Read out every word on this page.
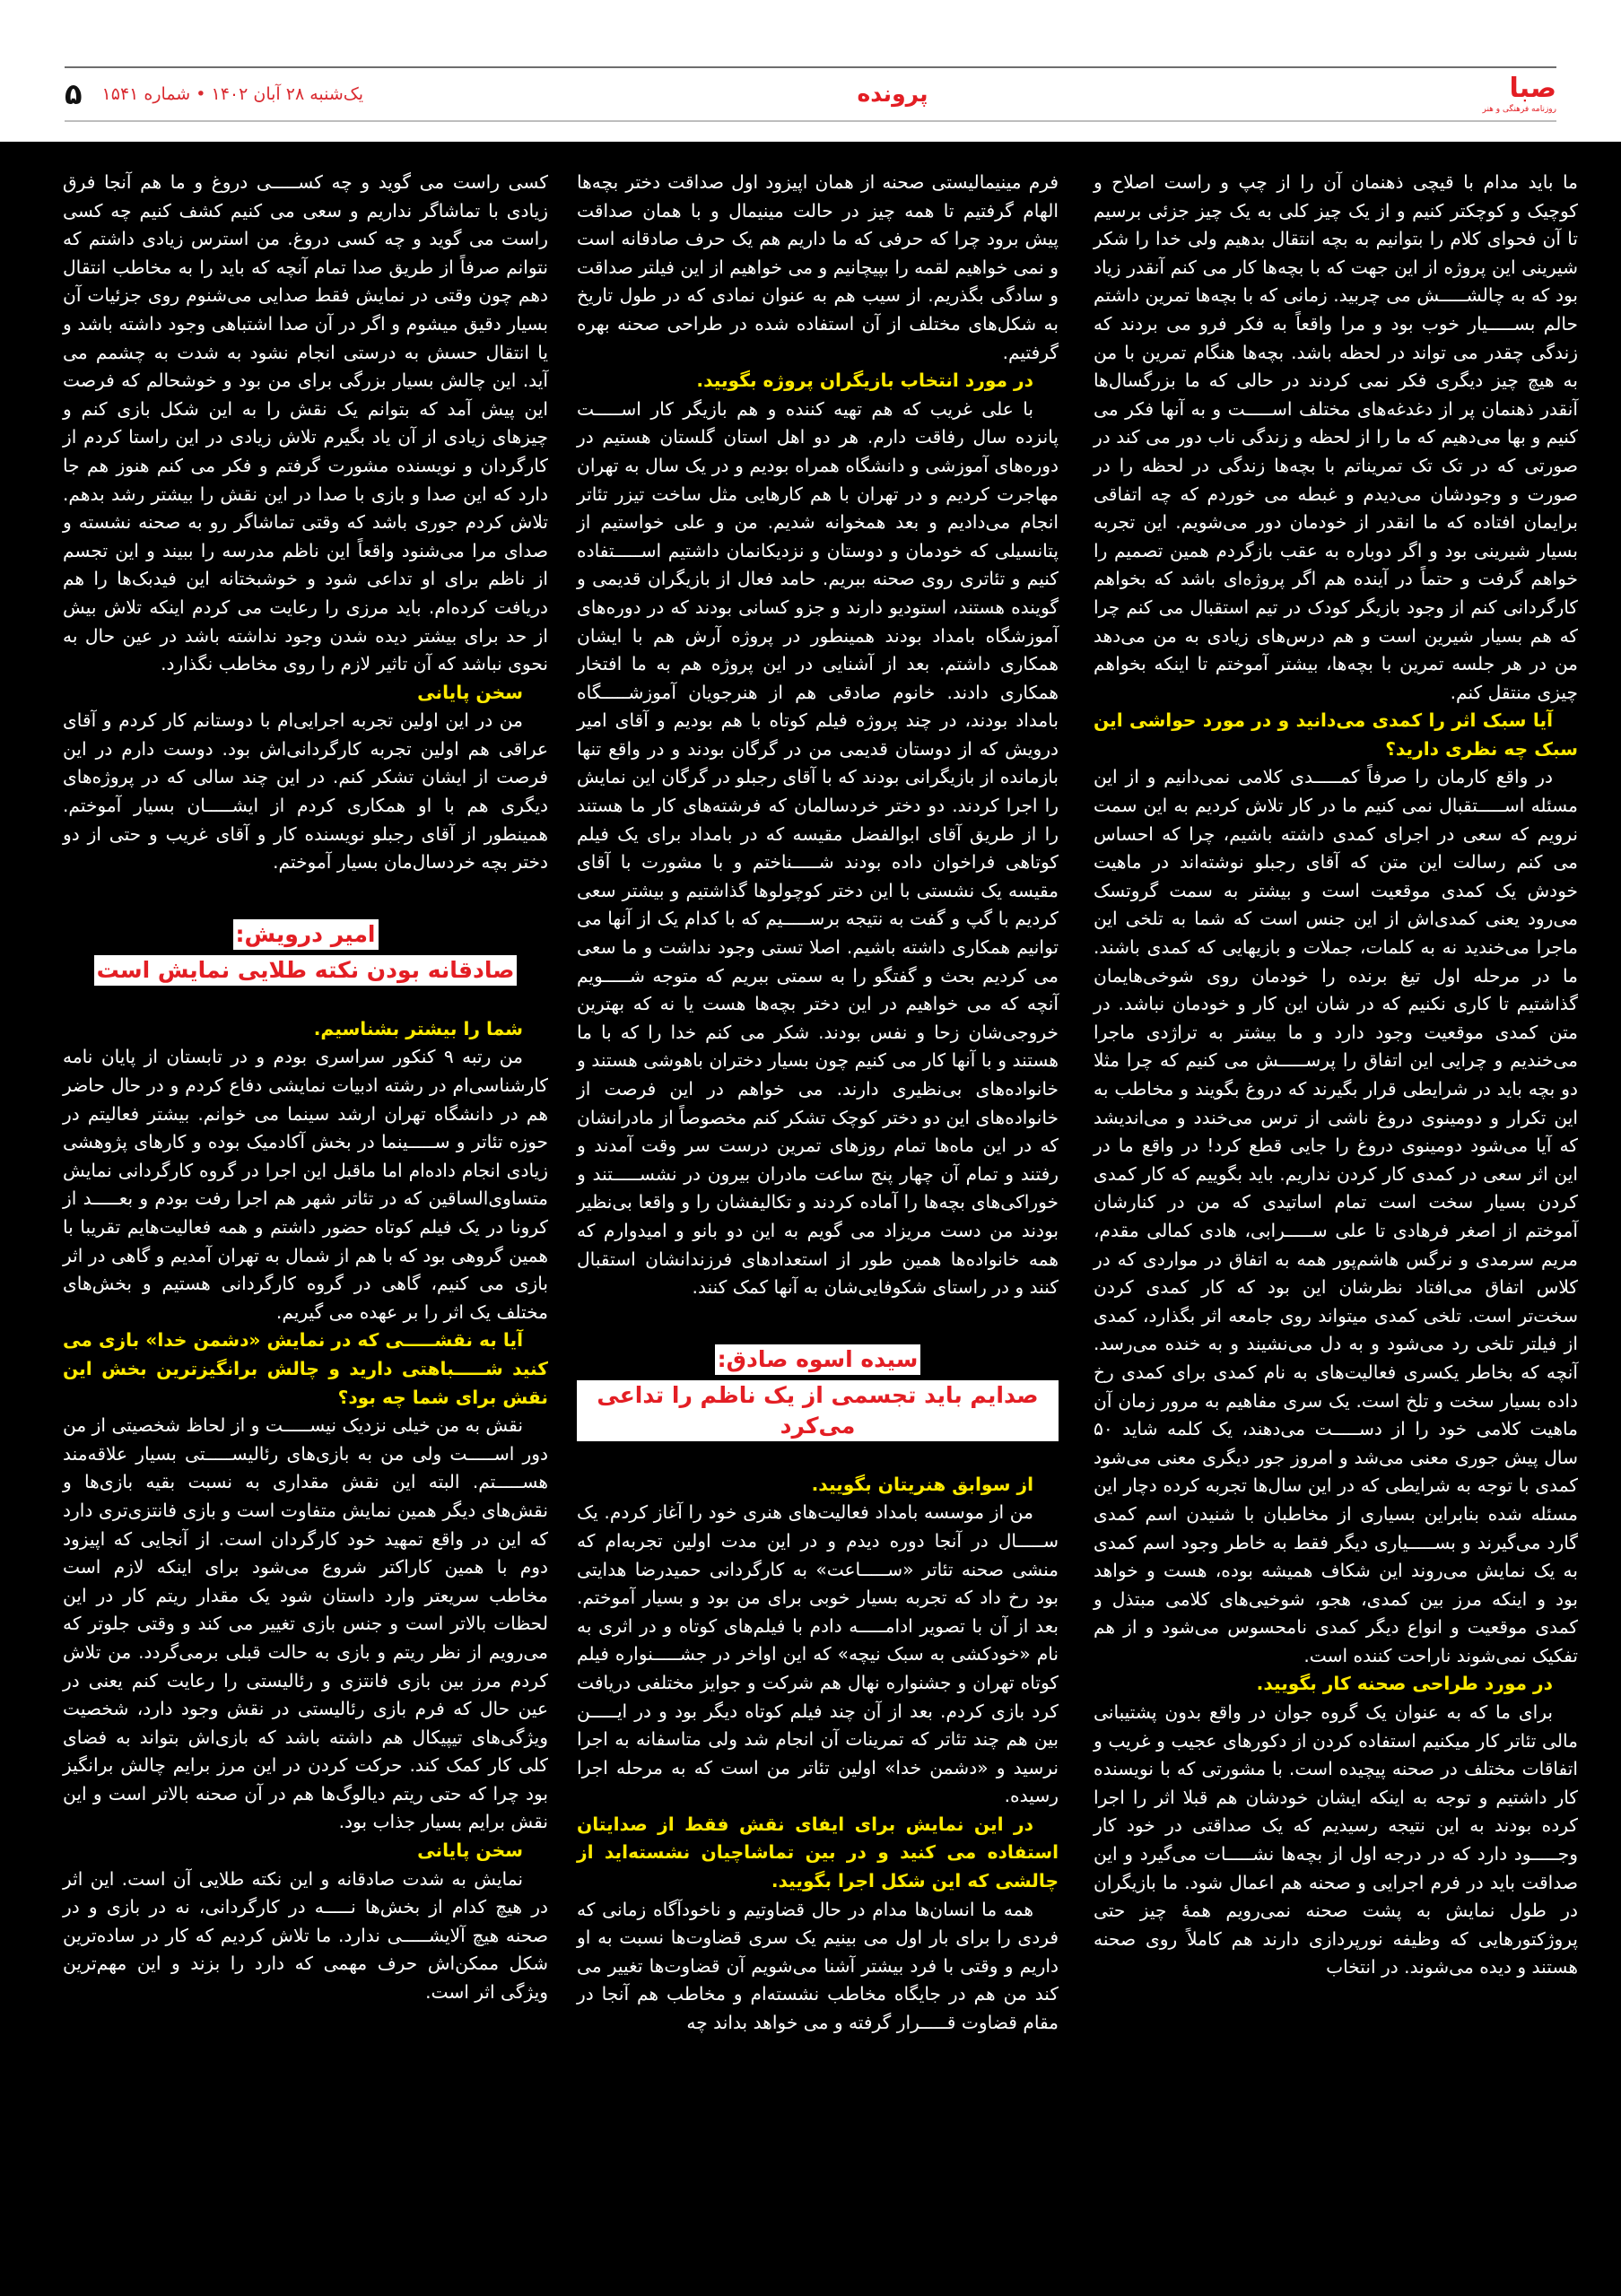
صبا
روزنامه فرهنگی و هنر
پرونده
یک‌شنبه ۲۸ آبان ۱۴۰۲ • شماره ۱۵۴۱
۵

ما باید مدام با قیچی ذهنمان آن را از چپ و راست اصلاح و کوچیک و کوچکتر کنیم و از یک چیز کلی به یک چیز جزئی برسیم تا آن فحوای کلام را بتوانیم به بچه انتقال بدهیم ولی خدا را شکر شیرینی این پروژه از این جهت که با بچه‌ها کار می کنم آنقدر زیاد بود که به چالشـــــش می چربید. زمانی که با بچه‌ها تمرین داشتم حالم بســـــیار خوب بود و مرا واقعاً به فکر فرو می بردند که زندگی چقدر می تواند در لحظه باشد. بچه‌ها هنگام تمرین با من به هیچ چیز دیگری فکر نمی کردند در حالی که ما بزرگسال‌ها آنقدر ذهنمان پر از دغدغه‌های مختلف اســـــت و به آنها فکر می کنیم و بها می‌دهیم که ما را از لحظه و زندگی ناب دور می کند در صورتی که در تک تک تمریناتم با بچه‌ها زندگی در لحظه را در صورت و وجودشان می‌دیدم و غبطه می خوردم که چه اتفاقی برایمان افتاده که ما انقدر از خودمان دور می‌شویم. این تجربه بسیار شیرینی بود و اگر دوباره به عقب بازگردم همین تصمیم را خواهم گرفت و حتماً در آینده هم اگر پروژه‌ای باشد که بخواهم کارگردانی کنم از وجود بازیگر کودک در تیم استقبال می کنم چرا که هم بسیار شیرین است و هم درس‌های زیادی به من می‌دهد من در هر جلسه تمرین با بچه‌ها، بیشتر آموختم تا اینکه بخواهم چیزی منتقل کنم.

آیا سبک اثر را کمدی می‌دانید و در مورد حواشی این سبک چه نظری دارید؟

در واقع کارمان را صرفاً کمـــــدی کلامی نمی‌دانیم و از این مسئله اســـــتقبال نمی کنیم ما در کار تلاش کردیم به این سمت نرویم که سعی در اجرای کمدی داشته باشیم، چرا که احساس می کنم رسالت این متن که آقای رجبلو نوشته‌اند در ماهیت خودش یک کمدی موقعیت است و بیشتر به سمت گروتسک می‌رود یعنی کمدی‌اش از این جنس است که شما به تلخی این ماجرا می‌خندید نه به کلمات، جملات و بازیهایی که کمدی باشند. ما در مرحله اول تیغ برنده را خودمان روی شوخی‌هایمان گذاشتیم تا کاری نکنیم که در شان این کار و خودمان نباشد. در متن کمدی موقعیت وجود دارد و ما بیشتر به تراژدی ماجرا می‌خندیم و چرایی این اتفاق را پرســـــش می کنیم که چرا مثلا دو بچه باید در شرایطی قرار بگیرند که دروغ بگویند و مخاطب به این تکرار و دومینوی دروغ ناشی از ترس می‌خندد و می‌اندیشد که آیا می‌شود دومینوی دروغ را جایی قطع کرد! در واقع ما در این اثر سعی در کمدی کار کردن نداریم. باید بگوییم که کار کمدی کردن بسیار سخت است تمام اساتیدی که من در کنارشان آموختم از اصغر فرهادی تا علی ســـــرابی، هادی کمالی مقدم، مریم سرمدی و نرگس هاشم‌پور همه به اتفاق در مواردی که در کلاس اتفاق می‌افتاد نظرشان این بود که کار کمدی کردن سخت‌تر است. تلخی کمدی میتواند روی جامعه اثر بگذارد، کمدی از فیلتر تلخی رد می‌شود و به دل می‌نشیند و به خنده می‌رسد. آنچه که بخاطر یکسری فعالیت‌های به نام کمدی برای کمدی رخ داده بسیار سخت و تلخ است. یک سری مفاهیم به مرور زمان آن ماهیت کلامی خود را از دســـــت می‌دهند، یک کلمه شاید ۵۰ سال پیش جوری معنی می‌شد و امروز جور دیگری معنی می‌شود کمدی با توجه به شرایطی که در این سال‌ها تجربه کرده دچار این مسئله شده بنابراین بسیاری از مخاطبان با شنیدن اسم کمدی گارد می‌گیرند و بســـــیاری دیگر فقط به خاطر وجود اسم کمدی به یک نمایش می‌روند این شکاف همیشه بوده، هست و خواهد بود و اینکه مرز بین کمدی، هجو، شوخیی‌های کلامی مبتذل و کمدی موقعیت و انواع دیگر کمدی نامحسوس می‌شود و از هم تفکیک نمی‌شوند ناراحت کننده است.

در مورد طراحی صحنه کار بگویید.

برای ما که به عنوان یک گروه جوان در واقع بدون پشتیبانی مالی تئاتر کار میکنیم استفاده کردن از دکورهای عجیب و غریب و اتفاقات مختلف در صحنه پیچیده است. با مشورتی که با نویسنده کار داشتیم و توجه به اینکه ایشان خودشان هم قبلا اثر را اجرا کرده بودند به این نتیجه رسیدیم که یک صداقتی در خود کار وجـــــود دارد که در درجه اول از بچه‌ها نشـــــات می‌گیرد و این صداقت باید در فرم اجرایی و صحنه هم اعمال شود. ما بازیگران در طول نمایش به پشت صحنه نمی‌رویم همهٔ چیز حتی پروژکتورهایی که وظیفه نورپردازی دارند هم کاملاً روی صحنه هستند و دیده می‌شوند. در انتخاب

فرم مینیمالیستی صحنه از همان اپیزود اول صداقت دختر بچه‌ها الهام گرفتیم تا همه چیز در حالت مینیمال و با همان صداقت پیش برود چرا که حرفی که ما داریم هم یک حرف صادقانه است و نمی خواهیم لقمه را بپیچانیم و می خواهیم از این فیلتر صداقت و سادگی بگذریم. از سیب هم به عنوان نمادی که در طول تاریخ به شکل‌های مختلف از آن استفاده شده در طراحی صحنه بهره گرفتیم.

در مورد انتخاب بازیگران پروژه بگویید.

با علی غریب که هم تهیه کننده و هم بازیگر کار اســـــت پانزده سال رفاقت دارم. هر دو اهل استان گلستان هستیم در دوره‌های آموزشی و دانشگاه همراه بودیم و در یک سال به تهران مهاجرت کردیم و در تهران با هم کارهایی مثل ساخت تیزر تئاتر انجام می‌دادیم و بعد همخوانه شدیم. من و علی خواستیم از پتانسیلی که خودمان و دوستان و نزدیکانمان داشتیم اســـــتفاده کنیم و تئاتری روی صحنه ببریم. حامد فعال از بازیگران قدیمی و گوینده هستند، استودیو دارند و جزو کسانی بودند که در دوره‌های آموزشگاه بامداد بودند همینطور در پروژه آرش هم با ایشان همکاری داشتم. بعد از آشنایی در این پروژه هم به ما افتخار همکاری دادند. خانوم صادقی هم از هنرجویان آموزشـــــگاه بامداد بودند، در چند پروژه فیلم کوتاه با هم بودیم و آقای امیر درویش که از دوستان قدیمی من در گرگان بودند و در واقع تنها بازمانده از بازیگرانی بودند که با آقای رجبلو در گرگان این نمایش را اجرا کردند. دو دختر خردسالمان که فرشته‌های کار ما هستند را از طریق آقای ابوالفضل مقیسه که در بامداد برای یک فیلم کوتاهی فراخوان داده بودند شـــــناختم و با مشورت با آقای مقیسه یک نشستی با این دختر کوچولوها گذاشتیم و بیشتر سعی کردیم با گپ و گفت به نتیجه برســـــیم که با کدام یک از آنها می توانیم همکاری داشته باشیم. اصلا تستی وجود نداشت و ما سعی می کردیم بحث و گفتگو را به سمتی ببریم که متوجه شـــــویم آنچه که می خواهیم در این دختر بچه‌ها هست یا نه که بهترین خروجی‌شان زحا و نفس بودند. شکر می کنم خدا را که با ما هستند و با آنها کار می کنیم چون بسیار دختران باهوشی هستند و خانواده‌های بی‌نظیری دارند. می خواهم در این فرصت از خانواده‌های این دو دختر کوچک تشکر کنم مخصوصاً از مادرانشان که در این ماه‌ها تمام روزهای تمرین درست سر وقت آمدند و رفتند و تمام آن چهار پنج ساعت مادران بیرون در نشســـــتند و خوراکی‌های بچه‌ها را آماده کردند و تکالیفشان را و واقعا بی‌نظیر بودند من دست مریزاد می گویم به این دو بانو و امیدوارم که همه خانواده‌ها همین طور از استعدادهای فرزندانشان استقبال کنند و در راستای شکوفایی‌شان به آنها کمک کنند.

سیده اسوه صادق:
صدایم باید تجسمی از یک ناظم را تداعی می‌کرد

از سوابق هنریتان بگویید.

من از موسسه بامداد فعالیت‌های هنری خود را آغاز کردم. یک ســـــال در آنجا دوره دیدم و در این مدت اولین تجربه‌ام که منشی صحنه تئاتر «ســـــاعت» به کارگردانی حمیدرضا هدایتی بود رخ داد که تجربه بسیار خوبی برای من بود و بسیار آموختم. بعد از آن با تصویر ادامـــــه دادم با فیلم‌های کوتاه و در اثری به نام «خودکشی به سبک نیچه» که این اواخر در جشـــــنواره فیلم کوتاه تهران و جشنواره نهال هم شرکت و جوایز مختلفی دریافت کرد بازی کردم. بعد از آن چند فیلم کوتاه دیگر بود و در ایـــــن بین هم چند تئاتر که تمرینات آن انجام شد ولی متاسفانه به اجرا نرسید و «دشمن خدا» اولین تئاتر من است که به مرحله اجرا رسیده.

در این نمایش برای ایفای نقش فقط از صدایتان استفاده می کنید و در بین تماشاچیان نشسته‌اید از چالشی که این شکل اجرا بگویید.

همه ما انسان‌ها مدام در حال قضاوتیم و ناخودآگاه زمانی که فردی را برای بار اول می بینیم یک سری قضاوت‌ها نسبت به او داریم و وقتی با فرد بیشتر آشنا می‌شویم آن قضاوت‌ها تغییر می کند من هم در جایگاه مخاطب نشسته‌ام و مخاطب هم آنجا در مقام قضاوت قـــــرار گرفته و می خواهد بداند چه

کسی راست می گوید و چه کســـــی دروغ و ما هم آنجا فرق زیادی با تماشاگر نداریم و سعی می کنیم کشف کنیم چه کسی راست می گوید و چه کسی دروغ. من استرس زیادی داشتم که نتوانم صرفاً از طریق صدا تمام آنچه که باید را به مخاطب انتقال دهم چون وقتی در نمایش فقط صدایی می‌شنوم روی جزئیات آن بسیار دقیق میشوم و اگر در آن صدا اشتباهی وجود داشته باشد و یا انتقال حسش به درستی انجام نشود به شدت به چشمم می آید. این چالش بسیار بزرگی برای من بود و خوشحالم که فرصت این پیش آمد که بتوانم یک نقش را به این شکل بازی کنم و چیزهای زیادی از آن یاد بگیرم تلاش زیادی در این راستا کردم از کارگردان و نویسنده مشورت گرفتم و فکر می کنم هنوز هم جا دارد که این صدا و بازی با صدا در این نقش را بیشتر رشد بدهم. تلاش کردم جوری باشد که وقتی تماشاگر رو به صحنه نشسته و صدای مرا می‌شنود واقعاً این ناظم مدرسه را ببیند و این تجسم از ناظم برای او تداعی شود و خوشبختانه این فیدبک‌ها را هم دریافت کرده‌ام. باید مرزی را رعایت می کردم اینکه تلاش بیش از حد برای بیشتر دیده شدن وجود نداشته باشد در عین حال به نحوی نباشد که آن تاثیر لازم را روی مخاطب نگذارد.

سخن پایانی

من در این اولین تجربه اجرایی‌ام با دوستانم کار کردم و آقای عراقی هم اولین تجربه کارگردانی‌اش بود. دوست دارم در این فرصت از ایشان تشکر کنم. در این چند سالی که در پروژه‌های دیگری هم با او همکاری کردم از ایشـــــان بسیار آموختم. همینطور از آقای رجبلو نویسنده کار و آقای غریب و حتی از دو دختر بچه خردسال‌مان بسیار آموختم.

امیر درویش:
صادقانه بودن نکته طلایی نمایش است

شما را بیشتر بشناسیم.

من رتبه ۹ کنکور سراسری بودم و در تابستان از پایان نامه کارشناسی‌ام در رشته ادبیات نمایشی دفاع کردم و در حال حاضر هم در دانشگاه تهران ارشد سینما می خوانم. بیشتر فعالیتم در حوزه تئاتر و ســـــینما در بخش آکادمیک بوده و کارهای پژوهشی زیادی انجام داده‌ام اما ماقبل این اجرا در گروه کارگردانی نمایش متساوی‌الساقین که در تئاتر شهر هم اجرا رفت بودم و بعـــــد از کرونا در یک فیلم کوتاه حضور داشتم و همه فعالیت‌هایم تقریبا با همین گروهی بود که با هم از شمال به تهران آمدیم و گاهی در اثر بازی می کنیم، گاهی در گروه کارگردانی هستیم و بخش‌های مختلف یک اثر را بر عهده می گیریم.

آیا به نقشـــــی که در نمایش «دشمن خدا» بازی می کنید شـــــباهتی دارید و چالش برانگیزترین بخش این نقش برای شما چه بود؟

نقش به من خیلی نزدیک نیســـــت و از لحاظ شخصیتی از من دور اســـــت ولی من به بازی‌های رئالیســـــتی بسیار علاقه‌مند هســـــتم. البته این نقش مقداری به نسبت بقیه بازی‌ها و نقش‌های دیگر همین نمایش متفاوت است و بازی فانتزی‌تری دارد که این در واقع تمهید خود کارگردان است. از آنجایی که اپیزود دوم با همین کاراکتر شروع می‌شود برای اینکه لازم است مخاطب سریعتر وارد داستان شود یک مقدار ریتم کار در این لحظات بالاتر است و جنس بازی تغییر می کند و وقتی جلوتر که می‌رویم از نظر ریتم و بازی به حالت قبلی برمی‌گردد. من تلاش کردم مرز بین بازی فانتزی و رئالیستی را رعایت کنم یعنی در عین حال که فرم بازی رئالیستی در نقش وجود دارد، شخصیت ویژگی‌های تیپیکال هم داشته باشد که بازی‌اش بتواند به فضای کلی کار کمک کند. حرکت کردن در این مرز برایم چالش برانگیز بود چرا که حتی ریتم دیالوگ‌ها هم در آن صحنه بالاتر است و این نقش برایم بسیار جذاب بود.

سخن پایانی

نمایش به شدت صادقانه و این نکته طلایی آن است. این اثر در هیچ کدام از بخش‌ها نـــــه در کارگردانی، نه در بازی و در صحنه هیچ آلایشـــــی ندارد. ما تلاش کردیم که کار در ساده‌ترین شکل ممکن‌اش حرف مهمی که دارد را بزند و این مهم‌ترین ویژگی اثر است.
